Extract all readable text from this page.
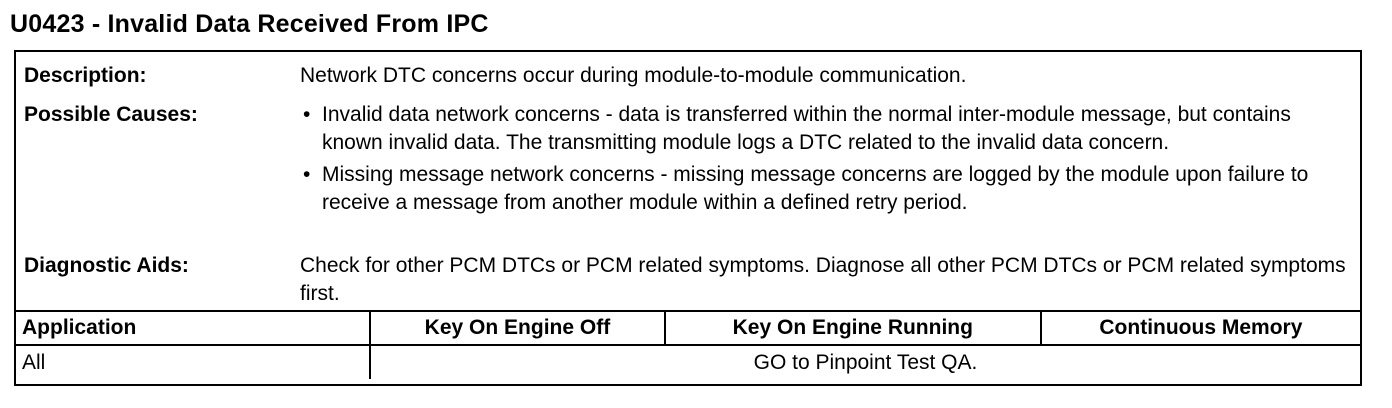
U0423 - Invalid Data Received From IPC
Description:	Network DTC concerns occur during module-to-module communication.
Possible Causes:	• Invalid data network concerns - data is transferred within the normal inter-module message, but contains known invalid data. The transmitting module logs a DTC related to the invalid data concern.
• Missing message network concerns - missing message concerns are logged by the module upon failure to receive a message from another module within a defined retry period.
Diagnostic Aids:	Check for other PCM DTCs or PCM related symptoms. Diagnose all other PCM DTCs or PCM related symptoms first.
Application	Key On Engine Off	Key On Engine Running	Continuous Memory
All	GO to Pinpoint Test QA.		
